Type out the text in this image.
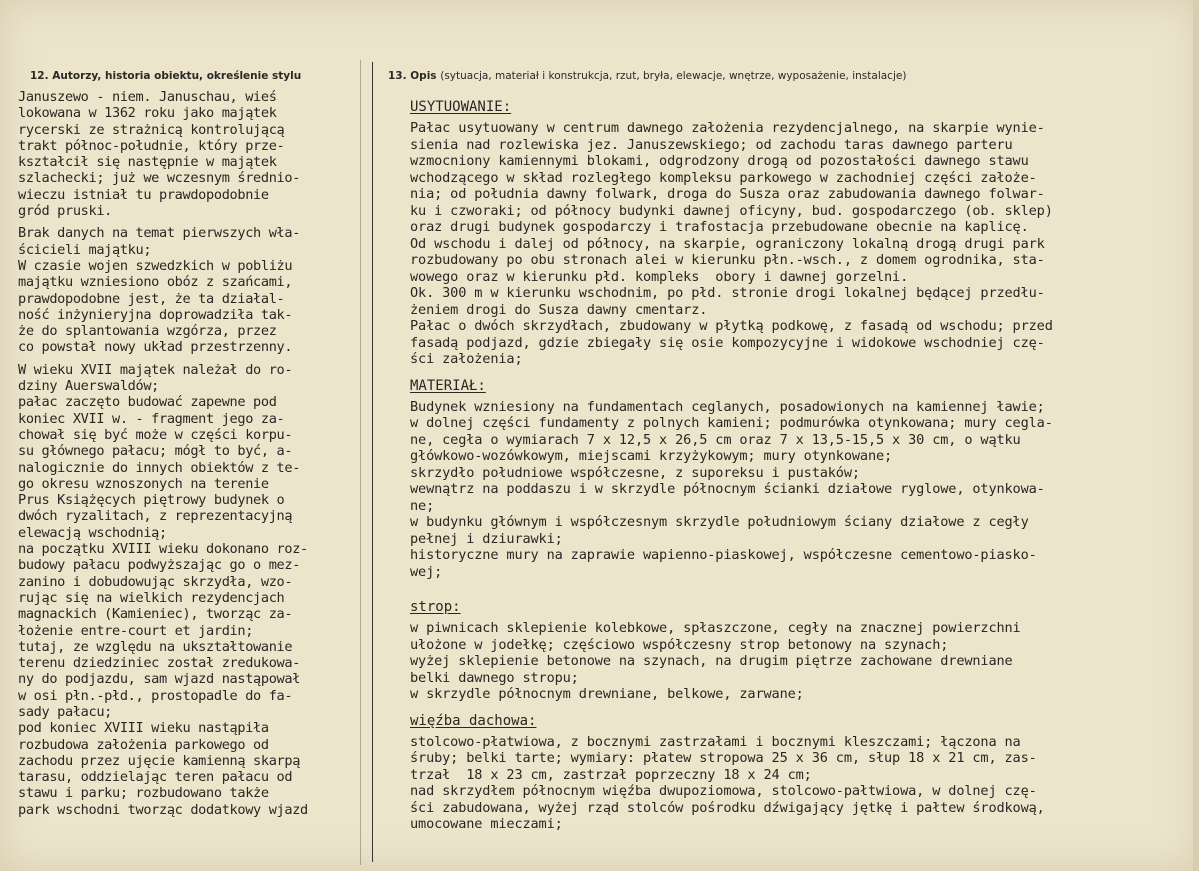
12. Autorzy, historia obiektu, określenie stylu	13. Opis (sytuacja, materiał i konstrukcja, rzut, bryła, elewacje, wnętrze, wyposażenie, instalacje)
Januszewo - niem. Januschau, wieś
lokowana w 1362 roku jako majątek
rycerski ze strażnicą kontrolującą
trakt północ-południe, który prze-
kształcił się następnie w majątek
szlachecki; już we wczesnym średnio-
wieczu istniał tu prawdopodobnie
gród pruski.
Brak danych na temat pierwszych wła-
ścicieli majątku;
W czasie wojen szwedzkich w pobliżu
majątku wzniesiono obóz z szańcami,
prawdopodobne jest, że ta działal-
ność inżynieryjna doprowadziła tak-
że do splantowania wzgórza, przez
co powstał nowy układ przestrzenny.
W wieku XVII majątek należał do ro-
dziny Auerswaldów;
pałac zaczęto budować zapewne pod
koniec XVII w. - fragment jego za-
chował się być może w części korpu-
su głównego pałacu; mógł to być, a-
nalogicznie do innych obiektów z te-
go okresu wznoszonych na terenie
Prus Książęcych piętrowy budynek o
dwóch ryzalitach, z reprezentacyjną
elewacją wschodnią;
na początku XVIII wieku dokonano roz-
budowy pałacu podwyższając go o mez-
zanino i dobudowując skrzydła, wzo-
rując się na wielkich rezydencjach
magnackich (Kamieniec), tworząc za-
łożenie entre-court et jardin;
tutaj, ze względu na ukształtowanie
terenu dziedziniec został zredukowa-
ny do podjazdu, sam wjazd nastąpował
w osi płn.-płd., prostopadle do fa-
sady pałacu;
pod koniec XVIII wieku nastąpiła
rozbudowa założenia parkowego od
zachodu przez ujęcie kamienną skarpą
tarasu, oddzielając teren pałacu od
stawu i parku; rozbudowano także
park wschodni tworząc dodatkowy wjazd
USYTUOWANIE:
Pałac usytuowany w centrum dawnego założenia rezydencjalnego, na skarpie wynie-
sienia nad rozlewiska jez. Januszewskiego; od zachodu taras dawnego parteru
wzmocniony kamiennymi blokami, odgrodzony drogą od pozostałości dawnego stawu
wchodzącego w skład rozległego kompleksu parkowego w zachodniej części założe-
nia; od południa dawny folwark, droga do Susza oraz zabudowania dawnego folwar-
ku i czworaki; od północy budynki dawnej oficyny, bud. gospodarczego (ob. sklep)
oraz drugi budynek gospodarczy i trafostacja przebudowane obecnie na kaplicę.
Od wschodu i dalej od północy, na skarpie, ograniczony lokalną drogą drugi park
rozbudowany po obu stronach alei w kierunku płn.-wsch., z domem ogrodnika, sta-
wowego oraz w kierunku płd. kompleks  obory i dawnej gorzelni.
Ok. 300 m w kierunku wschodnim, po płd. stronie drogi lokalnej będącej przedłu-
żeniem drogi do Susza dawny cmentarz.
Pałac o dwóch skrzydłach, zbudowany w płytką podkowę, z fasadą od wschodu; przed
fasadą podjazd, gdzie zbiegały się osie kompozycyjne i widokowe wschodniej czę-
ści założenia;
MATERIAŁ:
Budynek wzniesiony na fundamentach ceglanych, posadowionych na kamiennej ławie;
w dolnej części fundamenty z polnych kamieni; podmurówka otynkowana; mury cegla-
ne, cegła o wymiarach 7 x 12,5 x 26,5 cm oraz 7 x 13,5-15,5 x 30 cm, o wątku
główkowo-wozówkowym, miejscami krzyżykowym; mury otynkowane;
skrzydło południowe współczesne, z suporeksu i pustaków;
wewnątrz na poddaszu i w skrzydle północnym ścianki działowe ryglowe, otynkowa-
ne;
w budynku głównym i współczesnym skrzydle południowym ściany działowe z cegły
pełnej i dziurawki;
historyczne mury na zaprawie wapienno-piaskowej, współczesne cementowo-piasko-
wej;
strop:
w piwnicach sklepienie kolebkowe, spłaszczone, cegły na znacznej powierzchni
ułożone w jodełkę; częściowo współczesny strop betonowy na szynach;
wyżej sklepienie betonowe na szynach, na drugim piętrze zachowane drewniane
belki dawnego stropu;
w skrzydle północnym drewniane, belkowe, zarwane;
więźba dachowa:
stolcowo-płatwiowa, z bocznymi zastrzałami i bocznymi kleszczami; łączona na
śruby; belki tarte; wymiary: płatew stropowa 25 x 36 cm, słup 18 x 21 cm, zas-
trzał  18 x 23 cm, zastrzał poprzeczny 18 x 24 cm;
nad skrzydłem północnym więźba dwupoziomowa, stolcowo-pałtwiowa, w dolnej czę-
ści zabudowana, wyżej rząd stolców pośrodku dźwigający jętkę i pałtew środkową,
umocowane mieczami;
